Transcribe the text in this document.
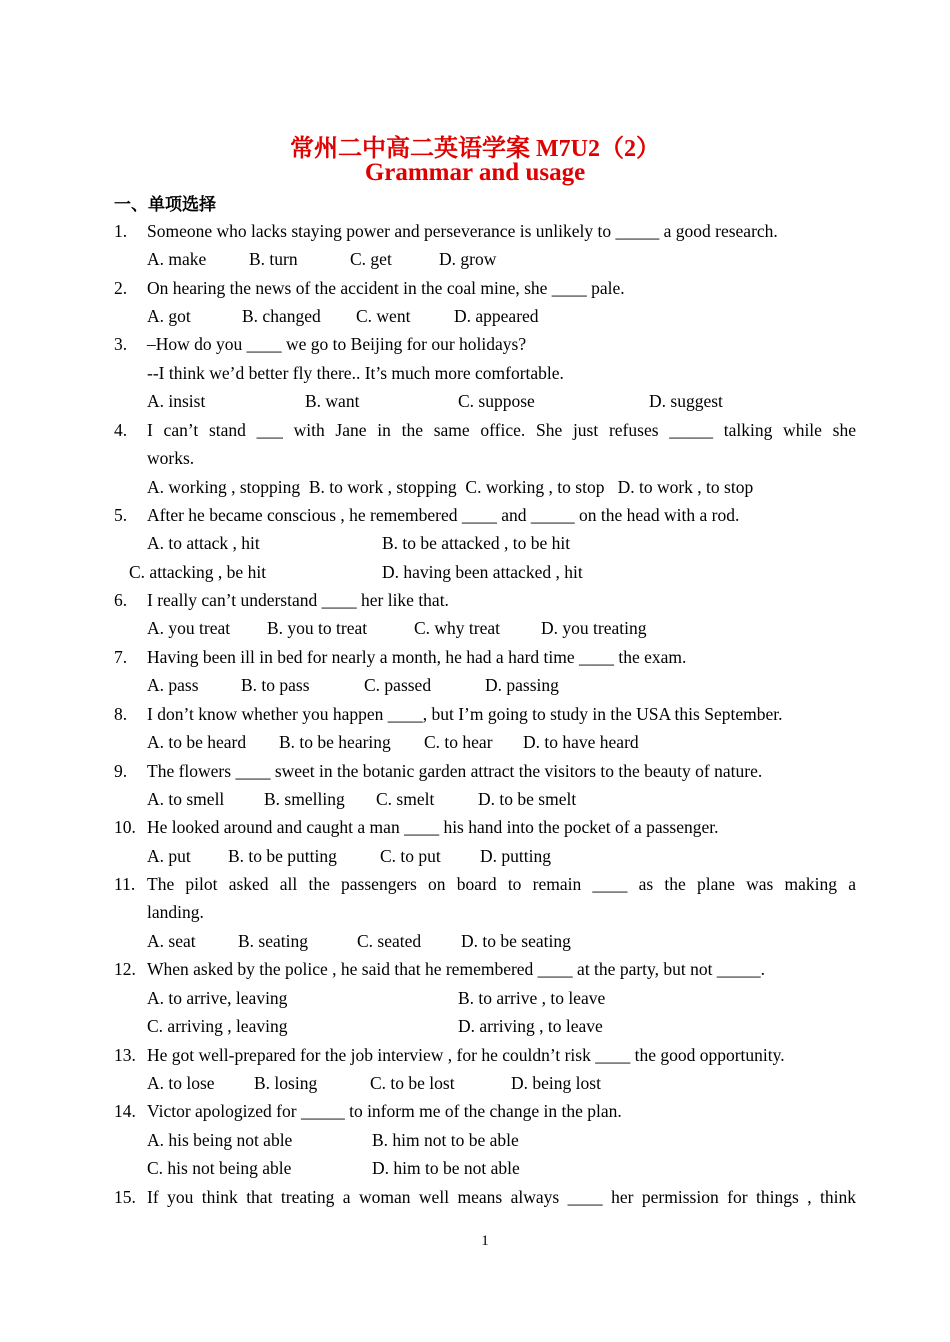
常州二中高二英语学案 M7U2（2）
Grammar and usage
一、单项选择
1. Someone who lacks staying power and perseverance is unlikely to _____ a good research.
A. make B. turn	C. get	D. grow
2. On hearing the news of the accident in the coal mine, she ____ pale.
A. got	B. changed C. went D. appeared
3. –How do you ____ we go to Beijing for our holidays?
--I think we’d better fly there.. It’s much more comfortable.
A. insist	B. want	C. suppose	D. suggest
4. I can’t stand ___ with Jane in the same office. She just refuses _____ talking while she
works.
A. working , stopping  B. to work , stopping  C. working , to stop   D. to work , to stop
5. After he became conscious , he remembered ____ and _____ on the head with a rod.
A. to attack , hit	B. to be attacked , to be hit
C. attacking , be hit	D. having been attacked , hit
6. I really can’t understand ____ her like that.
A. you treat B. you to treat	C. why treat D. you treating
7. Having been ill in bed for nearly a month, he had a hard time ____ the exam.
A. pass B. to pass	C. passed	D. passing
8. I don’t know whether you happen ____, but I’m going to study in the USA this September.
A. to be heard B. to be hearing C. to hear D. to have heard
9. The flowers ____ sweet in the botanic garden attract the visitors to the beauty of nature.
A. to smell B. smelling C. smelt D. to be smelt
10. He looked around and caught a man ____ his hand into the pocket of a passenger.
A. put B. to be putting C. to put D. putting
11. The pilot asked all the passengers on board to remain ____ as the plane was making a
landing.
A. seat B. seating	C. seated D. to be seating
12. When asked by the police , he said that he remembered ____ at the party, but not _____.
A. to arrive, leaving	B. to arrive , to leave
C. arriving , leaving	D. arriving , to leave
13. He got well-prepared for the job interview , for he couldn’t risk ____ the good opportunity.
A. to lose B. losing	C. to be lost	D. being lost
14. Victor apologized for _____ to inform me of the change in the plan.
A. his being not able	B. him not to be able
C. his not being able	D. him to be not able
15. If you think that treating a woman well means always ____ her permission for things , think
1
